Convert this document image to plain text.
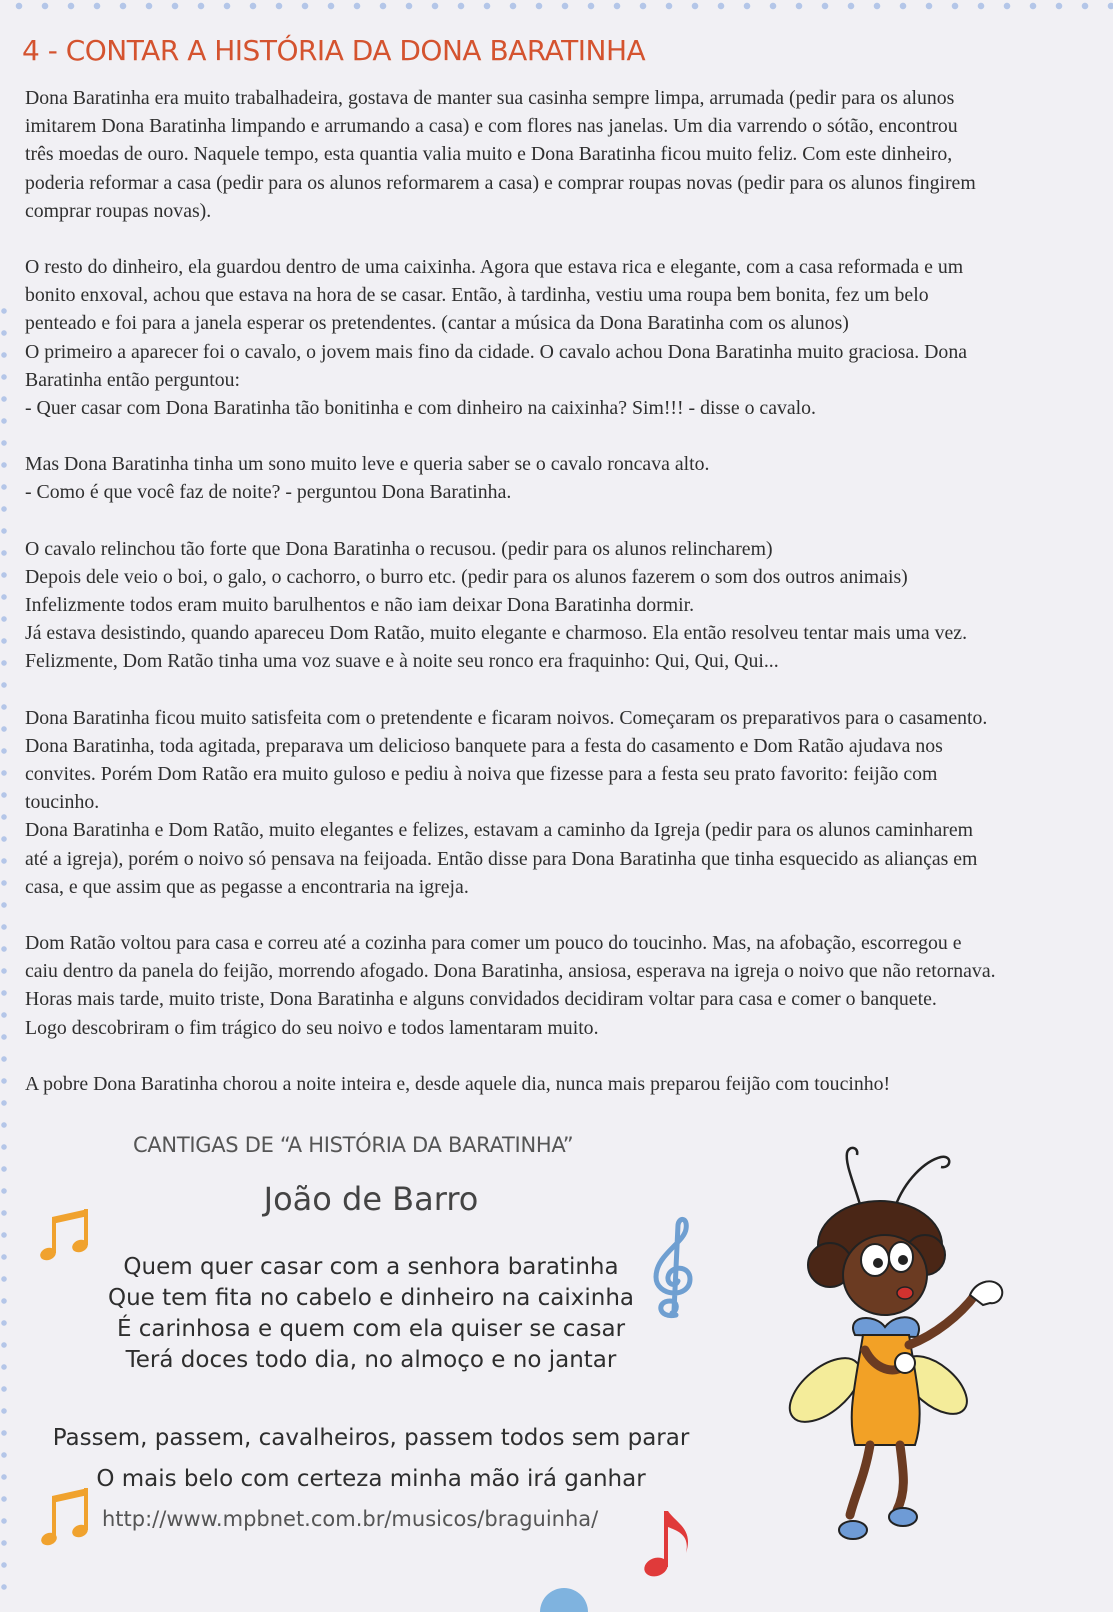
4 - CONTAR A HISTÓRIA DA DONA BARATINHA

Dona Baratinha era muito trabalhadeira, gostava de manter sua casinha sempre limpa, arrumada (pedir para os alunos
imitarem Dona Baratinha limpando e arrumando a casa) e com flores nas janelas. Um dia varrendo o sótão, encontrou
três moedas de ouro. Naquele tempo, esta quantia valia muito e Dona Baratinha ficou muito feliz. Com este dinheiro,
poderia reformar a casa (pedir para os alunos reformarem a casa) e comprar roupas novas (pedir para os alunos fingirem
comprar roupas novas).

O resto do dinheiro, ela guardou dentro de uma caixinha. Agora que estava rica e elegante, com a casa reformada e um
bonito enxoval, achou que estava na hora de se casar. Então, à tardinha, vestiu uma roupa bem bonita, fez um belo
penteado e foi para a janela esperar os pretendentes. (cantar a música da Dona Baratinha com os alunos)
O primeiro a aparecer foi o cavalo, o jovem mais fino da cidade. O cavalo achou Dona Baratinha muito graciosa. Dona
Baratinha então perguntou:
- Quer casar com Dona Baratinha tão bonitinha e com dinheiro na caixinha? Sim!!! - disse o cavalo.

Mas Dona Baratinha tinha um sono muito leve e queria saber se o cavalo roncava alto.
- Como é que você faz de noite? - perguntou Dona Baratinha.

O cavalo relinchou tão forte que Dona Baratinha o recusou. (pedir para os alunos relincharem)
Depois dele veio o boi, o galo, o cachorro, o burro etc. (pedir para os alunos fazerem o som dos outros animais)
Infelizmente todos eram muito barulhentos e não iam deixar Dona Baratinha dormir.
Já estava desistindo, quando apareceu Dom Ratão, muito elegante e charmoso. Ela então resolveu tentar mais uma vez.
Felizmente, Dom Ratão tinha uma voz suave e à noite seu ronco era fraquinho: Qui, Qui, Qui...

Dona Baratinha ficou muito satisfeita com o pretendente e ficaram noivos. Começaram os preparativos para o casamento.
Dona Baratinha, toda agitada, preparava um delicioso banquete para a festa do casamento e Dom Ratão ajudava nos
convites. Porém Dom Ratão era muito guloso e pediu à noiva que fizesse para a festa seu prato favorito: feijão com
toucinho.
Dona Baratinha e Dom Ratão, muito elegantes e felizes, estavam a caminho da Igreja (pedir para os alunos caminharem
até a igreja), porém o noivo só pensava na feijoada. Então disse para Dona Baratinha que tinha esquecido as alianças em
casa, e que assim que as pegasse a encontraria na igreja.

Dom Ratão voltou para casa e correu até a cozinha para comer um pouco do toucinho. Mas, na afobação, escorregou e
caiu dentro da panela do feijão, morrendo afogado. Dona Baratinha, ansiosa, esperava na igreja o noivo que não retornava.
Horas mais tarde, muito triste, Dona Baratinha e alguns convidados decidiram voltar para casa e comer o banquete.
Logo descobriram o fim trágico do seu noivo e todos lamentaram muito.

A pobre Dona Baratinha chorou a noite inteira e, desde aquele dia, nunca mais preparou feijão com toucinho!

CANTIGAS DE “A HISTÓRIA DA BARATINHA”
João de Barro
Quem quer casar com a senhora baratinha
Que tem fita no cabelo e dinheiro na caixinha
É carinhosa e quem com ela quiser se casar
Terá doces todo dia, no almoço e no jantar
Passem, passem, cavalheiros, passem todos sem parar
O mais belo com certeza minha mão irá ganhar
http://www.mpbnet.com.br/musicos/braguinha/
